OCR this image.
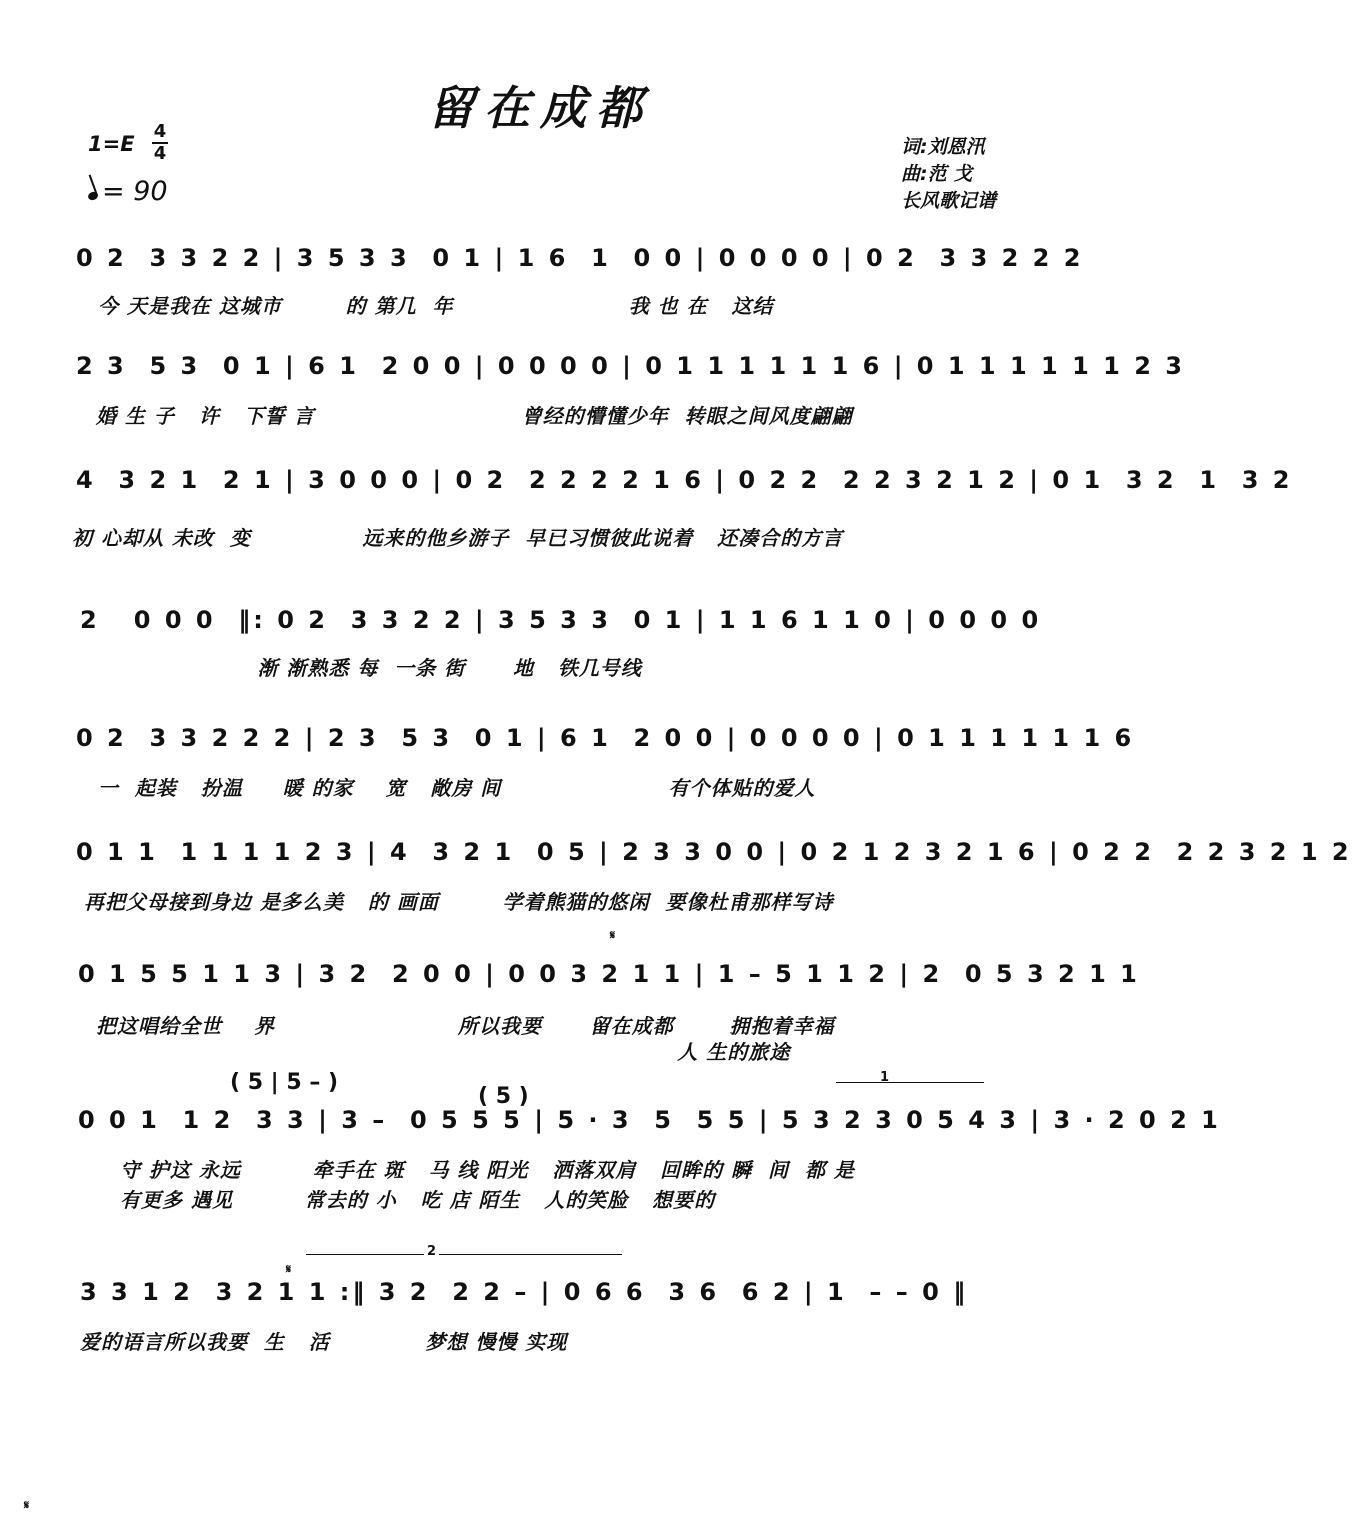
留在成都
1=E
4
4
= 90
词:刘恩汛
曲:范 戈
长风歌记谱
0 2  3 3 2 2 | 3 5 3 3  0 1 | 1 6  1  0 0 | 0 0 0 0 | 0 2  3 3 2 2 2
今 天是我在 这城市        的 第几  年                      我 也 在   这结
2 3  5 3  0 1 | 6 1  2 0 0 | 0 0 0 0 | 0 1 1 1 1 1 1 6 | 0 1 1 1 1 1 1 2 3
婚 生 子   许   下誓 言                          曾经的懵懂少年  转眼之间风度翩翩
4  3 2 1  2 1 | 3 0 0 0 | 0 2  2 2 2 2 1 6 | 0 2 2  2 2 3 2 1 2 | 0 1  3 2  1  3 2
初 心却从 未改  变              远来的他乡游子  早已习惯彼此说着   还凑合的方言
2   0 0 0  ‖: 0 2  3 3 2 2 | 3 5 3 3  0 1 | 1 1 6 1 1 0 | 0 0 0 0
渐 渐熟悉 每  一条 街      地   铁几号线
0 2  3 3 2 2 2 | 2 3  5 3  0 1 | 6 1  2 0 0 | 0 0 0 0 | 0 1 1 1 1 1 1 6
一  起装   扮温     暖 的家    宽   敞房 间                     有个体贴的爱人
0 1 1  1 1 1 1 2 3 | 4  3 2 1  0 5 | 2 3 3 0 0 | 0 2 1 2 3 2 1 6 | 0 2 2  2 2 3 2 1 2
再把父母接到身边 是多么美   的 画面        学着熊猫的悠闲  要像杜甫那样写诗
𝄋
0 1 5 5 1 1 3 | 3 2  2 0 0 | 0 0 3 2 1 1 | 1 – 5 1 1 2 | 2  0 5 3 2 1 1
把这唱给全世    界                       所以我要      留在成都       拥抱着幸福
人 生的旅途
( 5 | 5 – )
( 5 )
1
0 0 1  1 2  3 3 | 3 –  0 5 5 5 | 5 · 3  5  5 5 | 5 3 2 3 0 5 4 3 | 3 · 2 0 2 1
守 护这 永远         牵手在 斑   马 线 阳光   洒落双肩   回眸的 瞬  间  都 是
有更多 遇见         常去的 小   吃 店 陌生   人的笑脸   想要的
2
𝄋
3 3 1 2  3 2 1 1 :‖ 3 2  2 2 – | 0 6 6  3 6  6 2 | 1  – – 0 ‖
爱的语言所以我要  生   活            梦想 慢慢 实现
𝄋
